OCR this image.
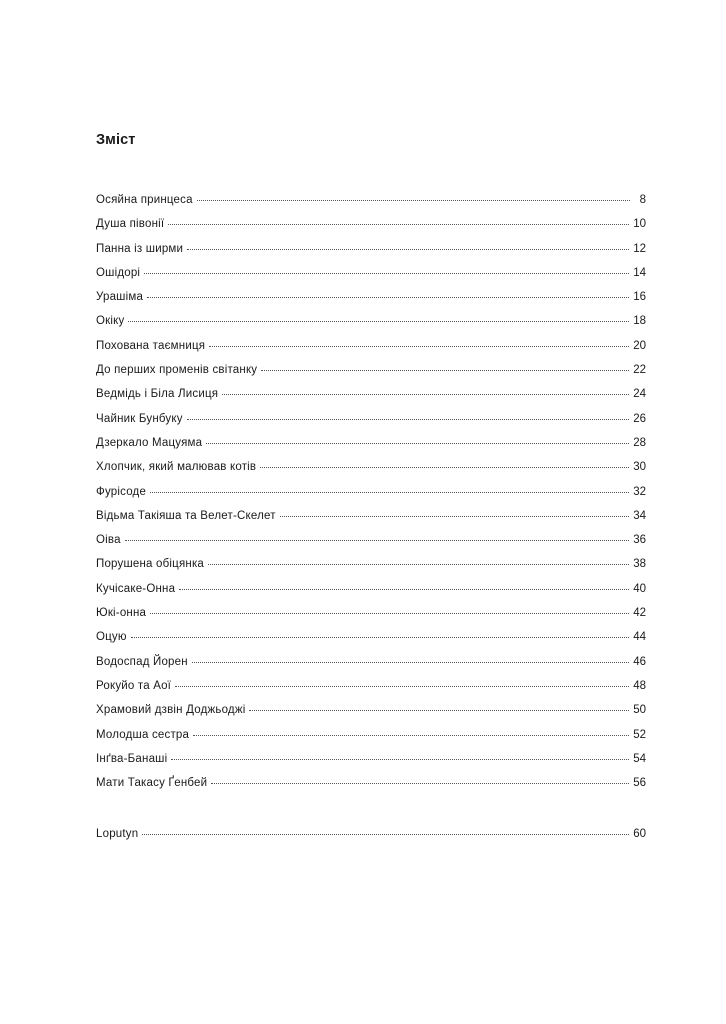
Зміст
Осяйна принцеса	8
Душа півонії	10
Панна із ширми	12
Ошідорі	14
Урашіма	16
Окіку	18
Похована таємниця	20
До перших променів світанку	22
Ведмідь і Біла Лисиця	24
Чайник Бунбуку	26
Дзеркало Мацуяма	28
Хлопчик, який малював котів	30
Фурісоде	32
Відьма Такіяша та Велет-Скелет	34
Оіва	36
Порушена обіцянка	38
Кучісаке-Онна	40
Юкі-онна	42
Оцую	44
Водоспад Йорен	46
Рокуйо та Аої	48
Храмовий дзвін Доджьоджі	50
Молодша сестра	52
Інґва-Банаші	54
Мати Такасу Ґенбей	56
Loputyn	60
